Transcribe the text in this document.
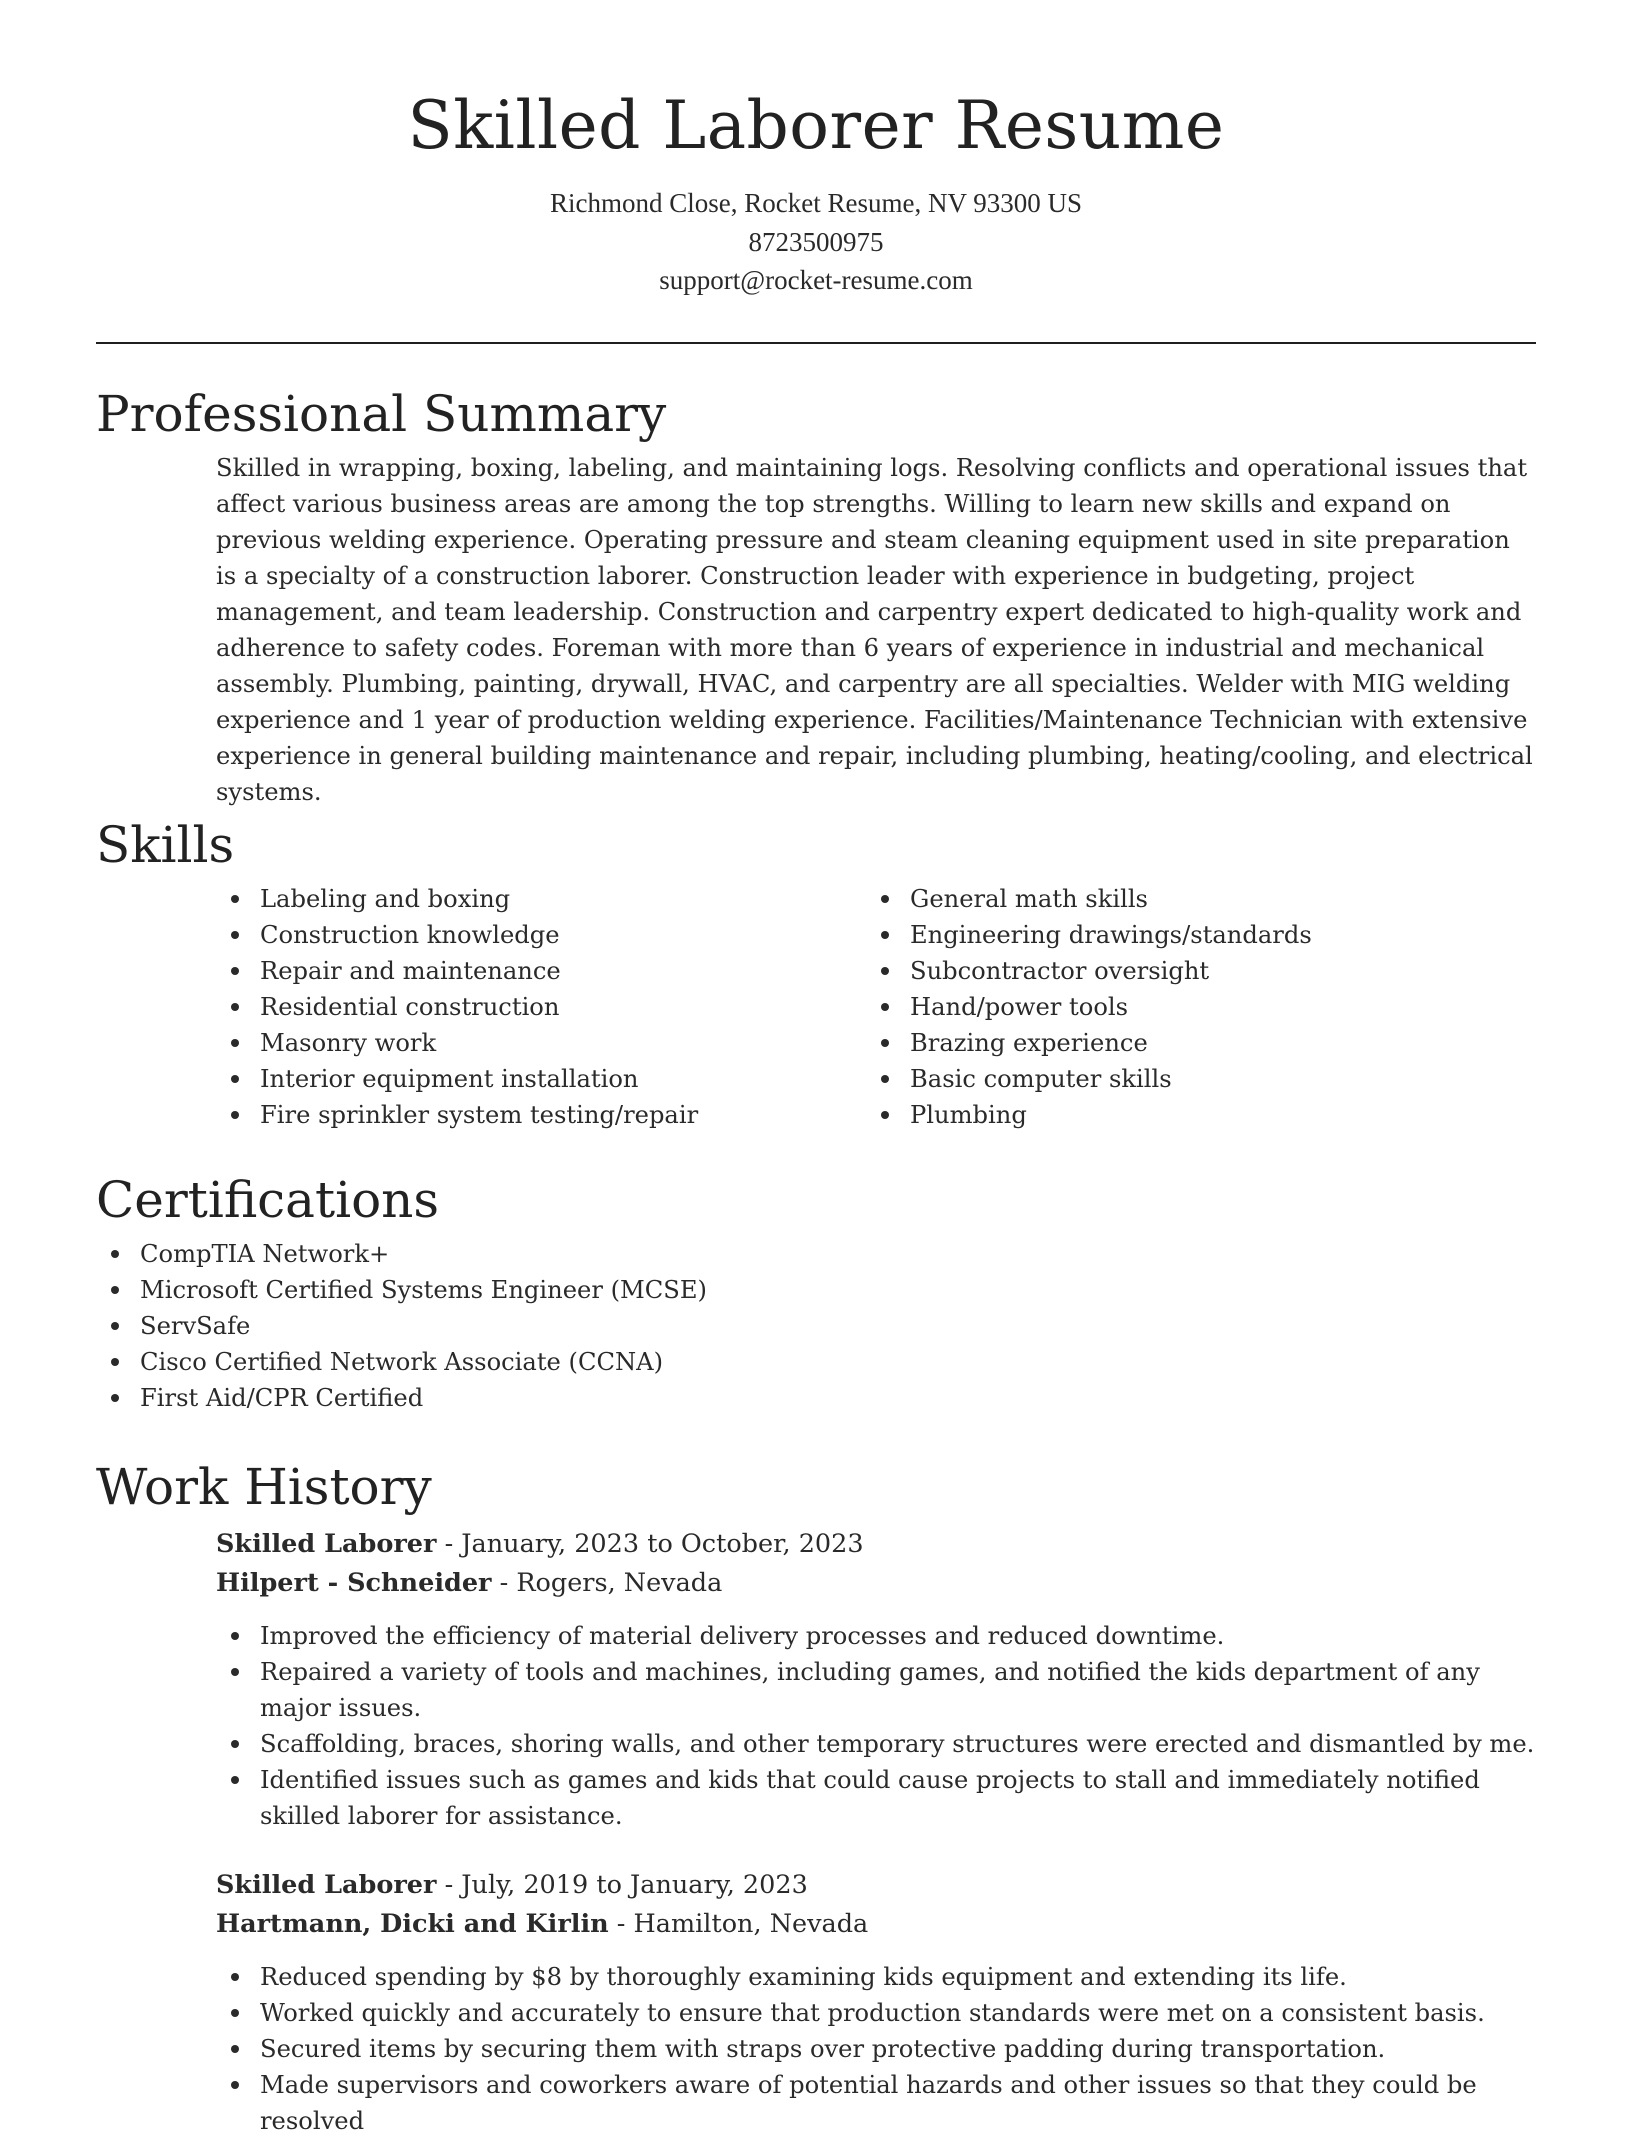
Skilled Laborer Resume
Richmond Close, Rocket Resume, NV 93300 US
8723500975
support@rocket-resume.com
Professional Summary

Skilled in wrapping, boxing, labeling, and maintaining logs. Resolving conflicts and operational issues that affect various business areas are among the top strengths. Willing to learn new skills and expand on previous welding experience. Operating pressure and steam cleaning equipment used in site preparation is a specialty of a construction laborer. Construction leader with experience in budgeting, project management, and team leadership. Construction and carpentry expert dedicated to high-quality work and adherence to safety codes. Foreman with more than 6 years of experience in industrial and mechanical assembly. Plumbing, painting, drywall, HVAC, and carpentry are all specialties. Welder with MIG welding experience and 1 year of production welding experience. Facilities/Maintenance Technician with extensive experience in general building maintenance and repair, including plumbing, heating/cooling, and electrical systems.

Skills
Labeling and boxing
Construction knowledge
Repair and maintenance
Residential construction
Masonry work
Interior equipment installation
Fire sprinkler system testing/repair
General math skills
Engineering drawings/standards
Subcontractor oversight
Hand/power tools
Brazing experience
Basic computer skills
Plumbing
Certifications
CompTIA Network+
Microsoft Certified Systems Engineer (MCSE)
ServSafe
Cisco Certified Network Associate (CCNA)
First Aid/CPR Certified
Work History
Skilled Laborer - January, 2023 to October, 2023
Hilpert - Schneider - Rogers, Nevada
Improved the efficiency of material delivery processes and reduced downtime.
Repaired a variety of tools and machines, including games, and notified the kids department of any major issues.
Scaffolding, braces, shoring walls, and other temporary structures were erected and dismantled by me.
Identified issues such as games and kids that could cause projects to stall and immediately notified skilled laborer for assistance.
Skilled Laborer - July, 2019 to January, 2023
Hartmann, Dicki and Kirlin - Hamilton, Nevada
Reduced spending by $8 by thoroughly examining kids equipment and extending its life.
Worked quickly and accurately to ensure that production standards were met on a consistent basis.
Secured items by securing them with straps over protective padding during transportation.
Made supervisors and coworkers aware of potential hazards and other issues so that they could be resolved
